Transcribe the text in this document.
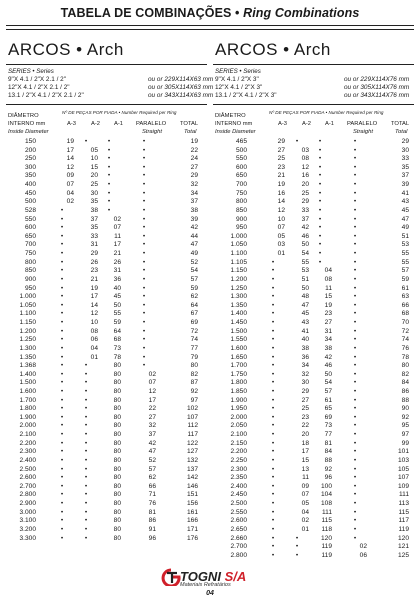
TABELA DE COMBINAÇÕES • Ring Combinations
ARCOS • Arch
SERIES • Series
9"X 4.1 / 2"X 2.1 / 2"	ou or 229X114X63 mm
12"X 4.1 / 2"X 2.1 / 2"	ou or 305X114X63 mm
13.1 / 2"X 4.1 / 2"X 2.1 / 2"	ou or 343X114X63 mm
DIÂMETRO
INTERNO mm
Inside Diameter
Nº DE PEÇAS POR FIADA • Number Required per Ring
A-3	A-2 A-1 PARALELO
Straight
TOTAL
Total
150	19	•	•	•	19
200	17	05	•	•	22
250	14	10	•	•	24
300	12	15	•	•	27
350	09	20	•	•	29
400	07	25	•	•	32
450	04	30	•	•	34
500	02	35	•	•	37
528	•	38	•	•	38
550	•	37	02	•	39
600	•	35	07	•	42
650	•	33	11	•	44
700	•	31	17	•	47
750	•	29	21	•	49
800	•	26	26	•	52
850	•	23	31	•	54
900	•	21	36	•	57
950	•	19	40	•	59
1.000	•	17	45	•	62
1.050	•	14	50	•	64
1.100	•	12	55	•	67
1.150	•	10	59	•	69
1.200	•	08	64	•	72
1.250	•	06	68	•	74
1.300	•	04	73	•	77
1.350	•	01	78	•	79
1.368	•	•	80	•	80
1.400	•	•	80	02	82
1.500	•	•	80	07	87
1.600	•	•	80	12	92
1.700	•	•	80	17	97
1.800	•	•	80	22	102
1.900	•	•	80	27	107
2.000	•	•	80	32	112
2.100	•	•	80	37	117
2.200	•	•	80	42	122
2.300	•	•	80	47	127
2.400	•	•	80	52	132
2.500	•	•	80	57	137
2.600	•	•	80	62	142
2.700	•	•	80	66	146
2.800	•	•	80	71	151
2.900	•	•	80	76	156
3.000	•	•	80	81	161
3.100	•	•	80	86	166
3.200	•	•	80	91	171
3.300	•	•	80	96	176
ARCOS • Arch
SERIES • Series
9"X 4.1 / 2"X 3"	ou or 229X114X76 mm
12"X 4.1 / 2"X 3"	ou or 305X114X76 mm
13.1 / 2"X 4.1 / 2"X 3"	ou or 343X114X76 mm
DIÂMETRO
INTERNO mm
Inside Diameter
Nº DE PEÇAS POR FIADA • Number Required per Ring
A-3	A-2 A-1 PARALELO
Straight
TOTAL
Total
465	29	•	•	•	29
500	27	03	•	•	30
550	25	08	•	•	33
600	23	12	•	•	35
650	21	16	•	•	37
700	19	20	•	•	39
750	16	25	•	•	41
800	14	29	•	•	43
850	12	33	•	•	45
900	10	37	•	•	47
950	07	42	•	•	49
1.000	05	46	•	•	51
1.050	03	50	•	•	53
1.100	01	54	•	•	55
1.105	•	55	•	•	55
1.150	•	53	04	•	57
1.200	•	51	08	•	59
1.250	•	50	11	•	61
1.300	•	48	15	•	63
1.350	•	47	19	•	66
1.400	•	45	23	•	68
1.450	•	43	27	•	70
1.500	•	41	31	•	72
1.550	•	40	34	•	74
1.600	•	38	38	•	76
1.650	•	36	42	•	78
1.700	•	34	46	•	80
1.750	•	32	50	•	82
1.800	•	30	54	•	84
1.850	•	29	57	•	86
1.900	•	27	61	•	88
1.950	•	25	65	•	90
2.000	•	23	69	•	92
2.050	•	22	73	•	95
2.100	•	20	77	•	97
2.150	•	18	81	•	99
2.200	•	17	84	•	101
2.250	•	15	88	•	103
2.300	•	13	92	•	105
2.350	•	11	96	•	107
2.400	•	09	100	•	109
2.450	•	07	104	•	111
2.500	•	05	108	•	113
2.550	•	04	111	•	115
2.600	•	02	115	•	117
2.650	•	01	118	•	119
2.660	•	•	120	•	120
2.700	•	•	119	02	121
2.800	•	•	119	06	125
TOGNI S/A
Materiais Refratários
04
